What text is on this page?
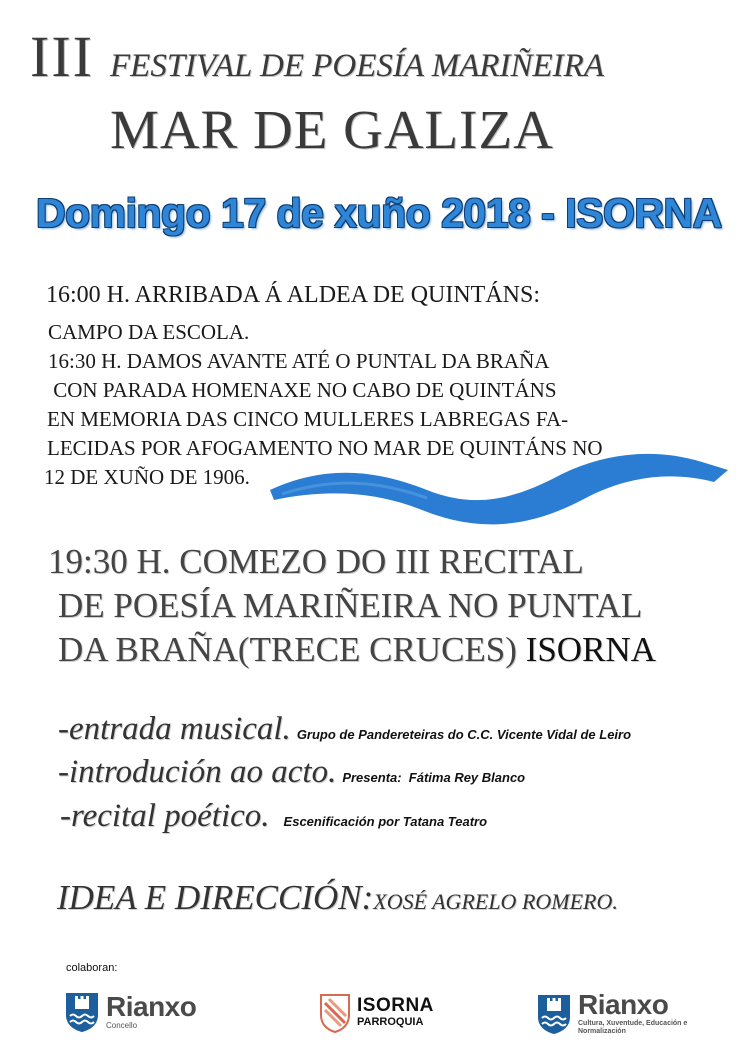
III FESTIVAL DE POESÍA MARIÑEIRA
MAR DE GALIZA
Domingo 17 de xuño 2018 - ISORNA
16:00 H. ARRIBADA Á ALDEA DE QUINTÁNS:
CAMPO DA ESCOLA.
16:30 H. DAMOS AVANTE ATÉ O PUNTAL DA BRAÑA
CON PARADA HOMENAXE NO CABO DE QUINTÁNS
EN MEMORIA DAS CINCO MULLERES LABREGAS FA-
LECIDAS POR AFOGAMENTO NO MAR DE QUINTÁNS NO
12 DE XUÑO DE 1906.
19:30 H. COMEZO DO III RECITAL
DE POESÍA MARIÑEIRA NO PUNTAL
DA BRAÑA(TRECE CRUCES) ISORNA
-entrada musical. Grupo de Pandereteiras do C.C. Vicente Vidal de Leiro
-introdución ao acto. Presenta:  Fátima Rey Blanco
-recital poético. Escenificación por Tatana Teatro
IDEA E DIRECCIÓN:XOSÉ AGRELO ROMERO.
colaboran:
Rianxo
Concello
ISORNA
PARROQUIA
Rianxo
Cultura, Xuventude, Educación e Normalización
